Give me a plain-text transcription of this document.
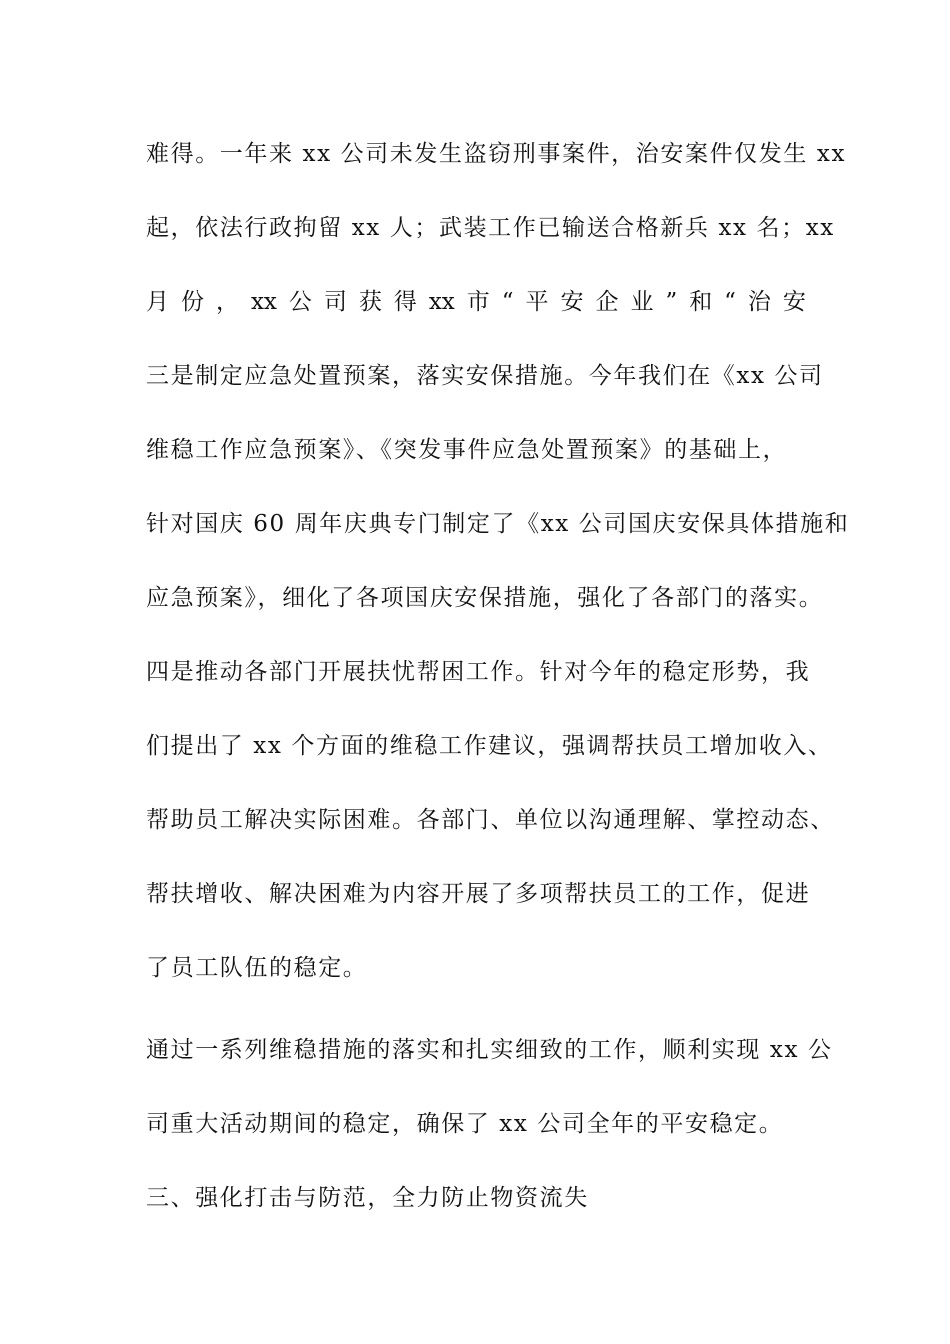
难得。一年来 xx 公司未发生盗窃刑事案件，治安案件仅发生 xx
起，依法行政拘留 xx 人；武装工作已输送合格新兵 xx 名；xx
月 份 ， xx 公 司 获 得 xx 市 “ 平 安 企 业 ” 和 “ 治 安
三是制定应急处置预案，落实安保措施。今年我们在《xx 公司
维稳工作应急预案》、《突发事件应急处置预案》的基础上，
针对国庆 60 周年庆典专门制定了《xx 公司国庆安保具体措施和
应急预案》，细化了各项国庆安保措施，强化了各部门的落实。
四是推动各部门开展扶忧帮困工作。针对今年的稳定形势，我
们提出了 xx 个方面的维稳工作建议，强调帮扶员工增加收入、
帮助员工解决实际困难。各部门、单位以沟通理解、掌控动态、
帮扶增收、解决困难为内容开展了多项帮扶员工的工作，促进
了员工队伍的稳定。
通过一系列维稳措施的落实和扎实细致的工作，顺利实现 xx 公
司重大活动期间的稳定，确保了 xx 公司全年的平安稳定。
三、强化打击与防范，全力防止物资流失
